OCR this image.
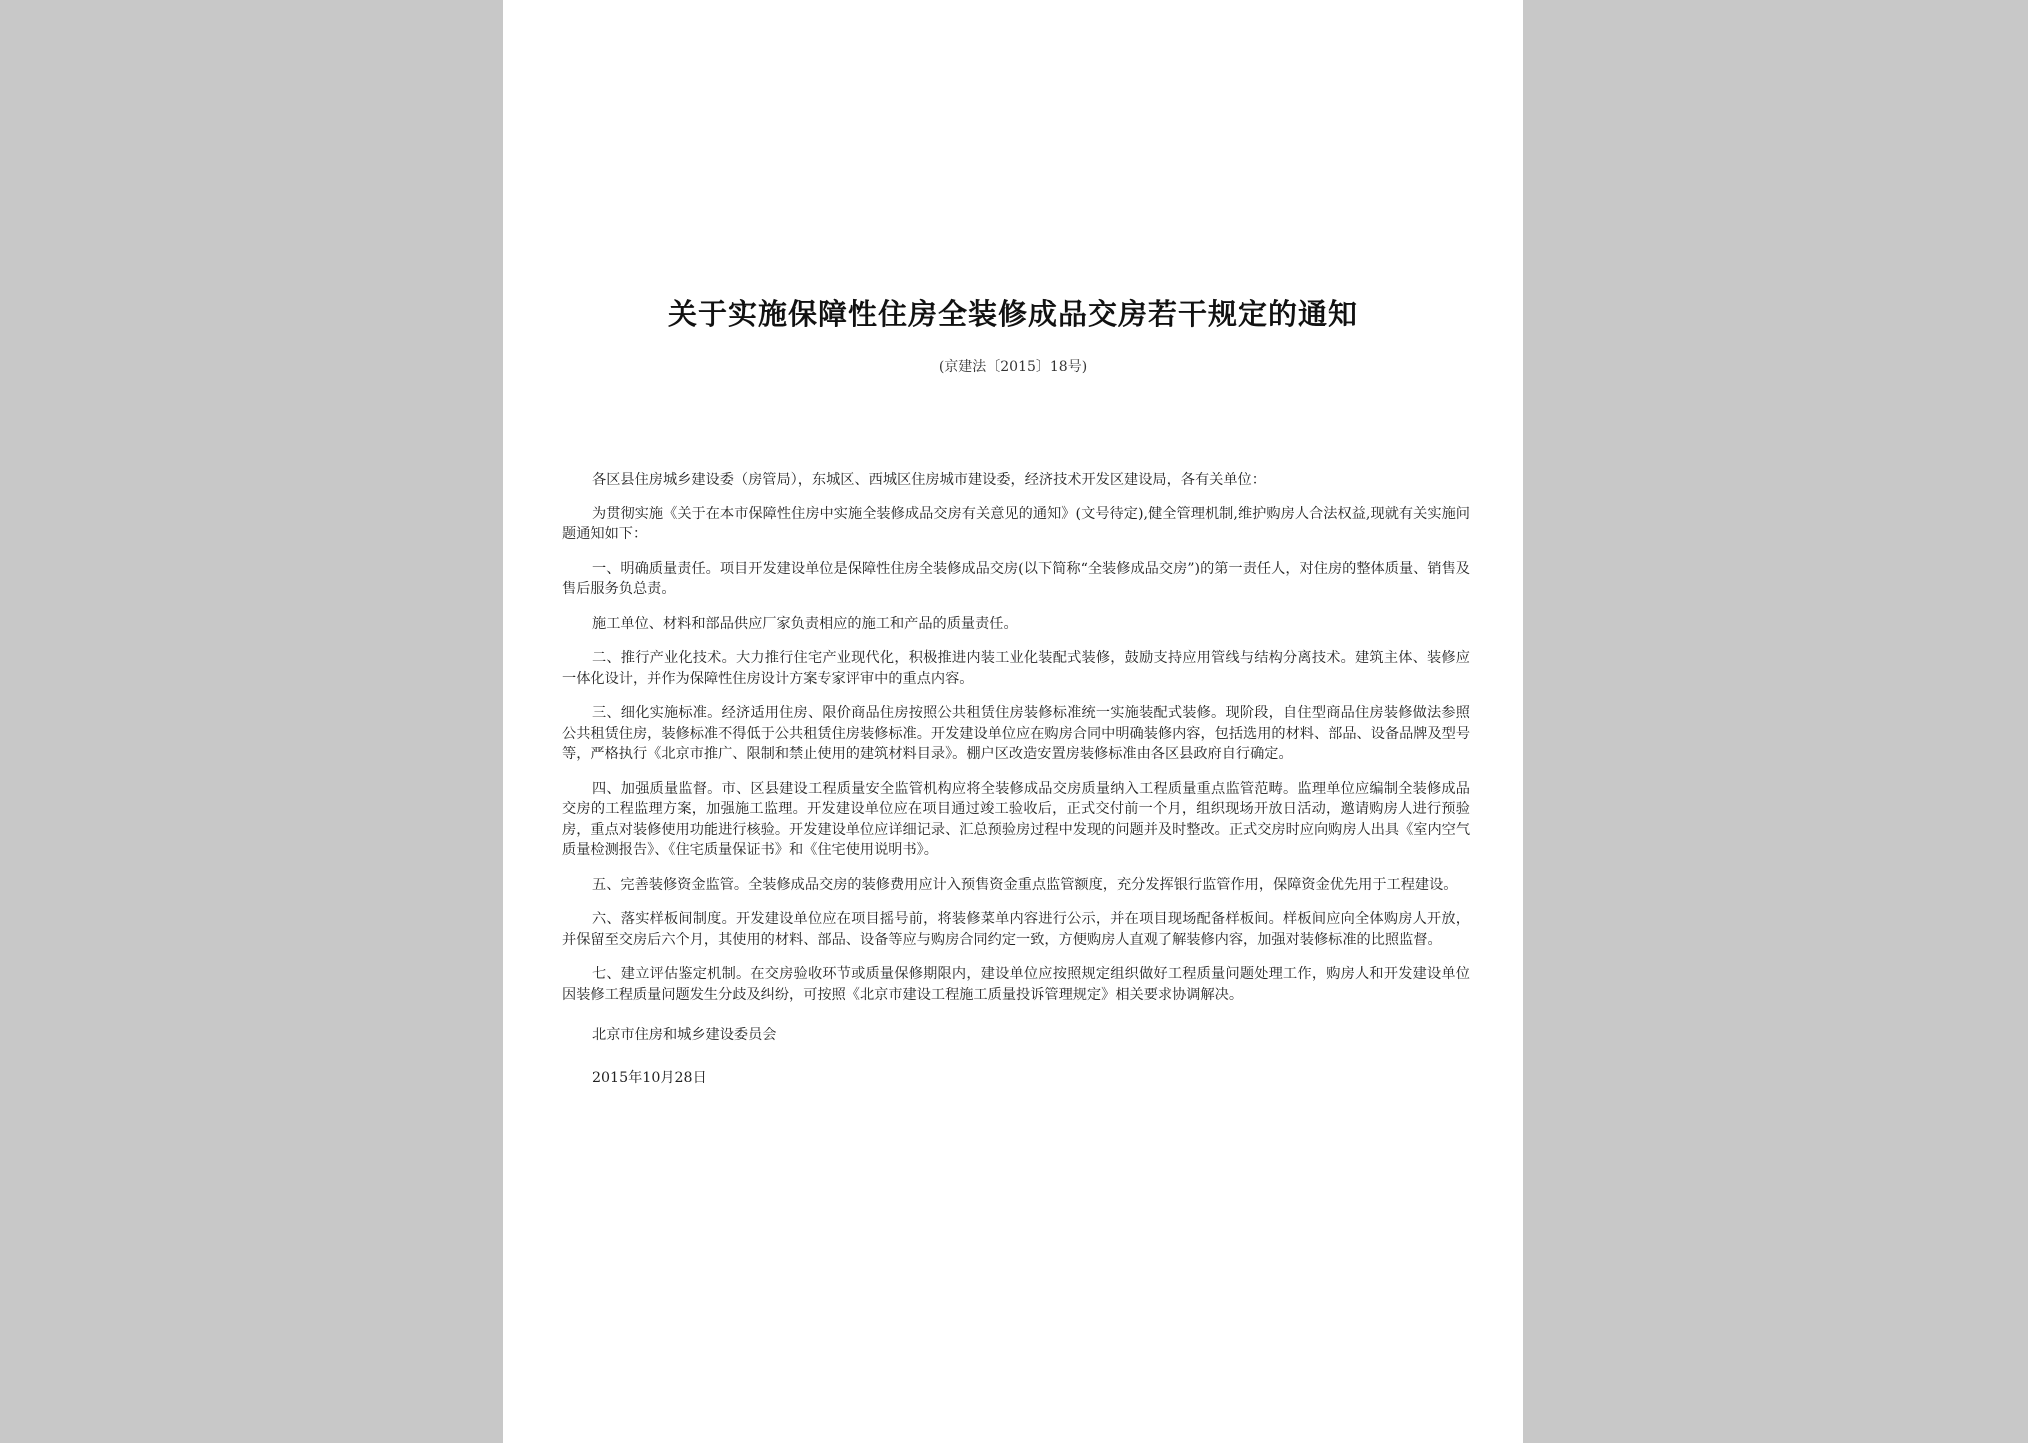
关于实施保障性住房全装修成品交房若干规定的通知
(京建法〔2015〕18号)

各区县住房城乡建设委（房管局），东城区、西城区住房城市建设委，经济技术开发区建设局，各有关单位：

为贯彻实施《关于在本市保障性住房中实施全装修成品交房有关意见的通知》(文号待定),健全管理机制,维护购房人合法权益,现就有关实施问题通知如下：

一、明确质量责任。项目开发建设单位是保障性住房全装修成品交房(以下简称“全装修成品交房”)的第一责任人，对住房的整体质量、销售及售后服务负总责。

施工单位、材料和部品供应厂家负责相应的施工和产品的质量责任。

二、推行产业化技术。大力推行住宅产业现代化，积极推进内装工业化装配式装修，鼓励支持应用管线与结构分离技术。建筑主体、装修应一体化设计，并作为保障性住房设计方案专家评审中的重点内容。

三、细化实施标准。经济适用住房、限价商品住房按照公共租赁住房装修标准统一实施装配式装修。现阶段，自住型商品住房装修做法参照公共租赁住房，装修标准不得低于公共租赁住房装修标准。开发建设单位应在购房合同中明确装修内容，包括选用的材料、部品、设备品牌及型号等，严格执行《北京市推广、限制和禁止使用的建筑材料目录》。棚户区改造安置房装修标准由各区县政府自行确定。

四、加强质量监督。市、区县建设工程质量安全监管机构应将全装修成品交房质量纳入工程质量重点监管范畴。监理单位应编制全装修成品交房的工程监理方案，加强施工监理。开发建设单位应在项目通过竣工验收后，正式交付前一个月，组织现场开放日活动，邀请购房人进行预验房，重点对装修使用功能进行核验。开发建设单位应详细记录、汇总预验房过程中发现的问题并及时整改。正式交房时应向购房人出具《室内空气质量检测报告》、《住宅质量保证书》和《住宅使用说明书》。

五、完善装修资金监管。全装修成品交房的装修费用应计入预售资金重点监管额度，充分发挥银行监管作用，保障资金优先用于工程建设。

六、落实样板间制度。开发建设单位应在项目摇号前，将装修菜单内容进行公示，并在项目现场配备样板间。样板间应向全体购房人开放，并保留至交房后六个月，其使用的材料、部品、设备等应与购房合同约定一致，方便购房人直观了解装修内容，加强对装修标准的比照监督。

七、建立评估鉴定机制。在交房验收环节或质量保修期限内，建设单位应按照规定组织做好工程质量问题处理工作，购房人和开发建设单位因装修工程质量问题发生分歧及纠纷，可按照《北京市建设工程施工质量投诉管理规定》相关要求协调解决。

北京市住房和城乡建设委员会
2015年10月28日
